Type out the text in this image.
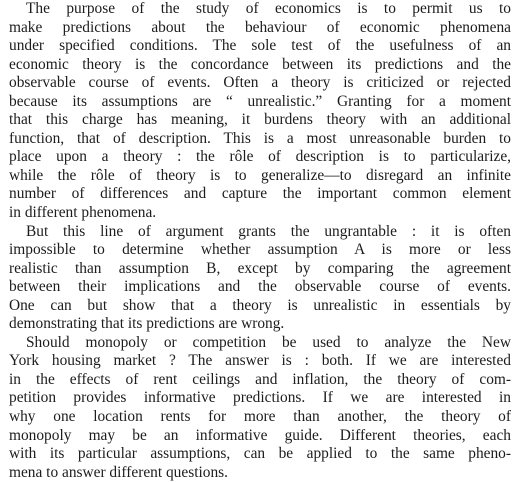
The purpose of the study of economics is to permit us to
make predictions about the behaviour of economic phenomena
under specified conditions. The sole test of the usefulness of an
economic theory is the concordance between its predictions and the
observable course of events. Often a theory is criticized or rejected
because its assumptions are “ unrealistic.” Granting for a moment
that this charge has meaning, it burdens theory with an additional
function, that of description. This is a most unreasonable burden to
place upon a theory : the rôle of description is to particularize,
while the rôle of theory is to generalize—to disregard an infinite
number of differences and capture the important common element
in different phenomena.
But this line of argument grants the ungrantable : it is often
impossible to determine whether assumption A is more or less
realistic than assumption B, except by comparing the agreement
between their implications and the observable course of events.
One can but show that a theory is unrealistic in essentials by
demonstrating that its predictions are wrong.
Should monopoly or competition be used to analyze the New
York housing market ? The answer is : both. If we are interested
in the effects of rent ceilings and inflation, the theory of com-
petition provides informative predictions. If we are interested in
why one location rents for more than another, the theory of
monopoly may be an informative guide. Different theories, each
with its particular assumptions, can be applied to the same pheno-
mena to answer different questions.
